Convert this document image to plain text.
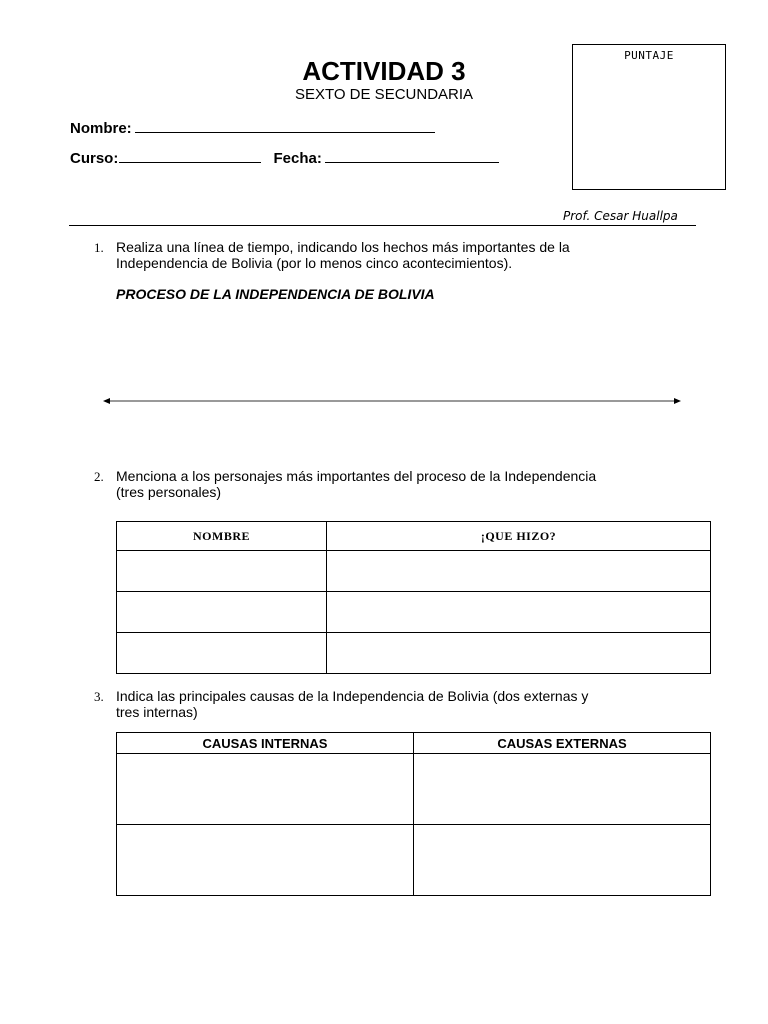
ACTIVIDAD 3
SEXTO DE SECUNDARIA
Nombre:
Curso:	Fecha:
PUNTAJE
Prof. Cesar Huallpa
1. Realiza una línea de tiempo, indicando los hechos más importantes de la
Independencia de Bolivia (por lo menos cinco acontecimientos).
PROCESO DE LA INDEPENDENCIA DE BOLIVIA
2. Menciona a los personajes más importantes del proceso de la Independencia
(tres personales)
NOMBRE	¡QUE HIZO?

3. Indica las principales causas de la Independencia de Bolivia (dos externas y
tres internas)
CAUSAS INTERNAS	CAUSAS EXTERNAS
